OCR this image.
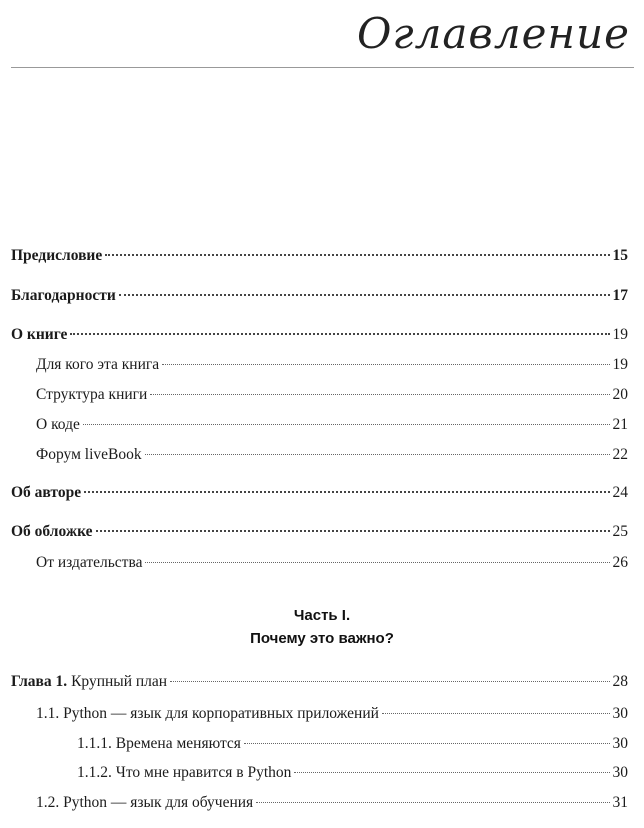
Оглавление
Предисловие	15
Благодарности	17
О книге	19
Для кого эта книга	19
Структура книги	20
О коде	21
Форум liveBook	22
Об авторе	24
Об обложке	25
От издательства	26
Часть I.
Почему это важно?
Глава 1. Крупный план	28
1.1. Python — язык для корпоративных приложений	30
1.1.1. Времена меняются	30
1.1.2. Что мне нравится в Python	30
1.2. Python — язык для обучения	31
